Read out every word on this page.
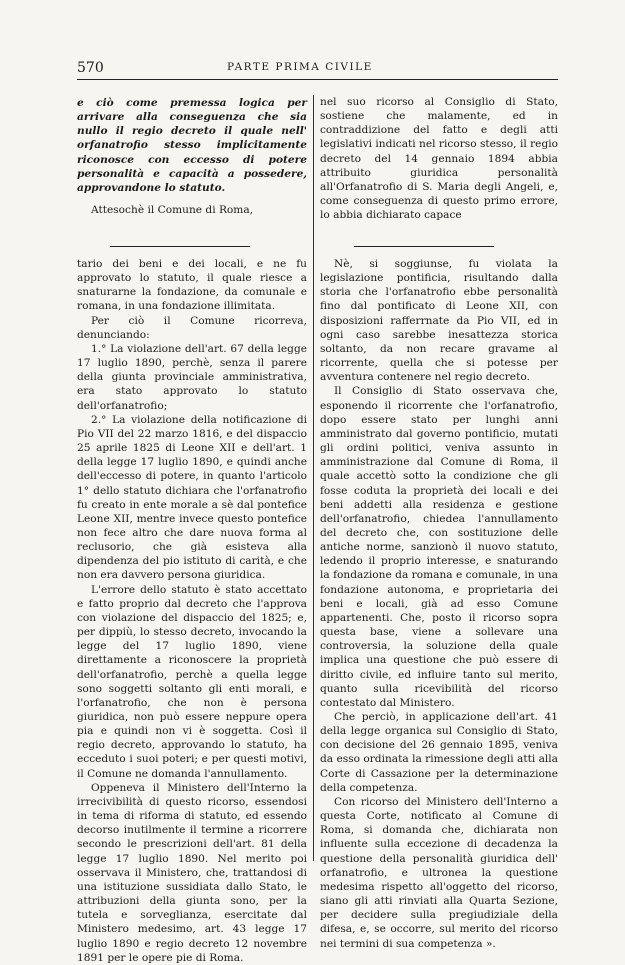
570	PARTE PRIMA CIVILE

e ciò come premessa logica per arrivare alla conseguenza che sia nullo il regio decreto il quale nell' orfanatrofio stesso implicitamente riconosce con eccesso di potere personalità e capacità a possedere, approvandone lo statuto.

Attesochè il Comune di Roma,

nel suo ricorso al Consiglio di Stato, sostiene che malamente, ed in contraddizione del fatto e degli atti legislativi indicati nel ricorso stesso, il regio decreto del 14 gennaio 1894 abbia attribuito giuridica personalità all'Orfanatrofio di S. Maria degli Angeli, e, come conseguenza di questo primo errore, lo abbia dichiarato capace

tario dei beni e dei locali, e ne fu approvato lo statuto, il quale riesce a snaturarne la fondazione, da comunale e romana, in una fondazione illimitata.

Per ciò il Comune ricorreva, denunciando:

1.° La violazione dell'art. 67 della legge 17 luglio 1890, perchè, senza il parere della giunta provinciale amministrativa, era stato approvato lo statuto dell'orfanatrofio;

2.° La violazione della notificazione di Pio VII del 22 marzo 1816, e del dispaccio 25 aprile 1825 di Leone XII e dell'art. 1 della legge 17 luglio 1890, e quindi anche dell'eccesso di potere, in quanto l'articolo 1° dello statuto dichiara che l'orfanatrofio fu creato in ente morale a sè dal pontefice Leone XII, mentre invece questo pontefice non fece altro che dare nuova forma al reclusorio, che già esisteva alla dipendenza del pio istituto di carità, e che non era davvero persona giuridica.

L'errore dello statuto è stato accettato e fatto proprio dal decreto che l'approva con violazione del dispaccio del 1825; e, per dippiù, lo stesso decreto, invocando la legge del 17 luglio 1890, viene direttamente a riconoscere la proprietà dell'orfanatrofio, perchè a quella legge sono soggetti soltanto gli enti morali, e l'orfanatrofio, che non è persona giuridica, non può essere neppure opera pia e quindi non vi è soggetta. Così il regio decreto, approvando lo statuto, ha ecceduto i suoi poteri; e per questi motivi, il Comune ne domanda l'annullamento.

Oppeneva il Ministero dell'Interno la irrecivibilità di questo ricorso, essendosi in tema di riforma di statuto, ed essendo decorso inutilmente il termine a ricorrere secondo le prescrizioni dell'art. 81 della legge 17 luglio 1890. Nel merito poi osservava il Ministero, che, trattandosi di una istituzione sussidiata dallo Stato, le attribuzioni della giunta sono, per la tutela e sorveglianza, esercitate dal Ministero medesimo, art. 43 legge 17 luglio 1890 e regio decreto 12 novembre 1891 per le opere pie di Roma.

Nè, si soggiunse, fu violata la legislazione pontificia, risultando dalla storia che l'orfanatrofio ebbe personalità fino dal pontificato di Leone XII, con disposizioni rafferrnate da Pio VII, ed in ogni caso sarebbe inesattezza storica soltanto, da non recare gravame al ricorrente, quella che si potesse per avventura contenere nel regio decreto.

Il Consiglio di Stato osservava che, esponendo il ricorrente che l'orfanatrofio, dopo essere stato per lunghi anni amministrato dal governo pontificio, mutati gli ordini politici, veniva assunto in amministrazione dal Comune di Roma, il quale accettò sotto la condizione che gli fosse coduta la proprietà dei locali e dei beni addetti alla residenza e gestione dell'orfanatrofio, chiedea l'annullamento del decreto che, con sostituzione delle antiche norme, sanzionò il nuovo statuto, ledendo il proprio interesse, e snaturando la fondazione da romana e comunale, in una fondazione autonoma, e proprietaria dei beni e locali, già ad esso Comune appartenenti. Che, posto il ricorso sopra questa base, viene a sollevare una controversia, la soluzione della quale implica una questione che può essere di diritto civile, ed influire tanto sul merito, quanto sulla ricevibilità del ricorso contestato dal Ministero.

Che perciò, in applicazione dell'art. 41 della legge organica sul Consiglio di Stato, con decisione del 26 gennaio 1895, veniva da esso ordinata la rimessione degli atti alla Corte di Cassazione per la determinazione della competenza.

Con ricorso del Ministero dell'Interno a questa Corte, notificato al Comune di Roma, si domanda che, dichiarata non influente sulla eccezione di decadenza la questione della personalità giuridica dell' orfanatrofio, e ultronea la questione medesima rispetto all'oggetto del ricorso, siano gli atti rinviati alla Quarta Sezione, per decidere sulla pregiudiziale della difesa, e, se occorre, sul merito del ricorso nei termini di sua competenza ».
